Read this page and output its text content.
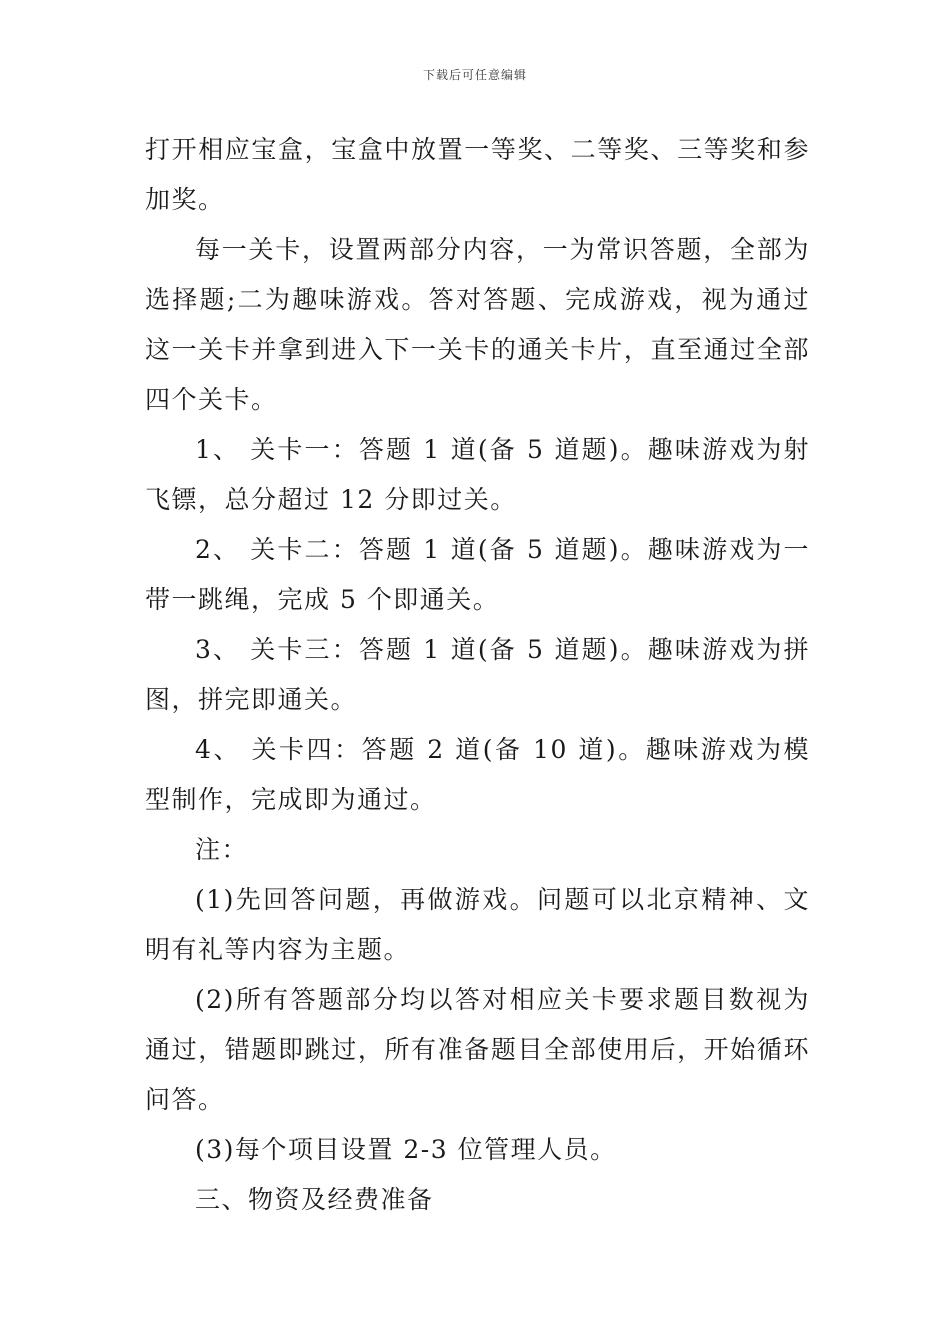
下载后可任意编辑

打开相应宝盒，宝盒中放置一等奖、二等奖、三等奖和参加奖。

每一关卡，设置两部分内容，一为常识答题，全部为选择题;二为趣味游戏。答对答题、完成游戏，视为通过这一关卡并拿到进入下一关卡的通关卡片，直至通过全部四个关卡。

1、 关卡一：答题 1 道(备 5 道题)。趣味游戏为射飞镖，总分超过 12 分即过关。

2、 关卡二：答题 1 道(备 5 道题)。趣味游戏为一带一跳绳，完成 5 个即通关。

3、 关卡三：答题 1 道(备 5 道题)。趣味游戏为拼图，拼完即通关。

4、 关卡四：答题 2 道(备 10 道)。趣味游戏为模型制作，完成即为通过。

注：

(1)先回答问题，再做游戏。问题可以北京精神、文明有礼等内容为主题。

(2)所有答题部分均以答对相应关卡要求题目数视为通过，错题即跳过，所有准备题目全部使用后，开始循环问答。

(3)每个项目设置 2-3 位管理人员。

三、物资及经费准备
